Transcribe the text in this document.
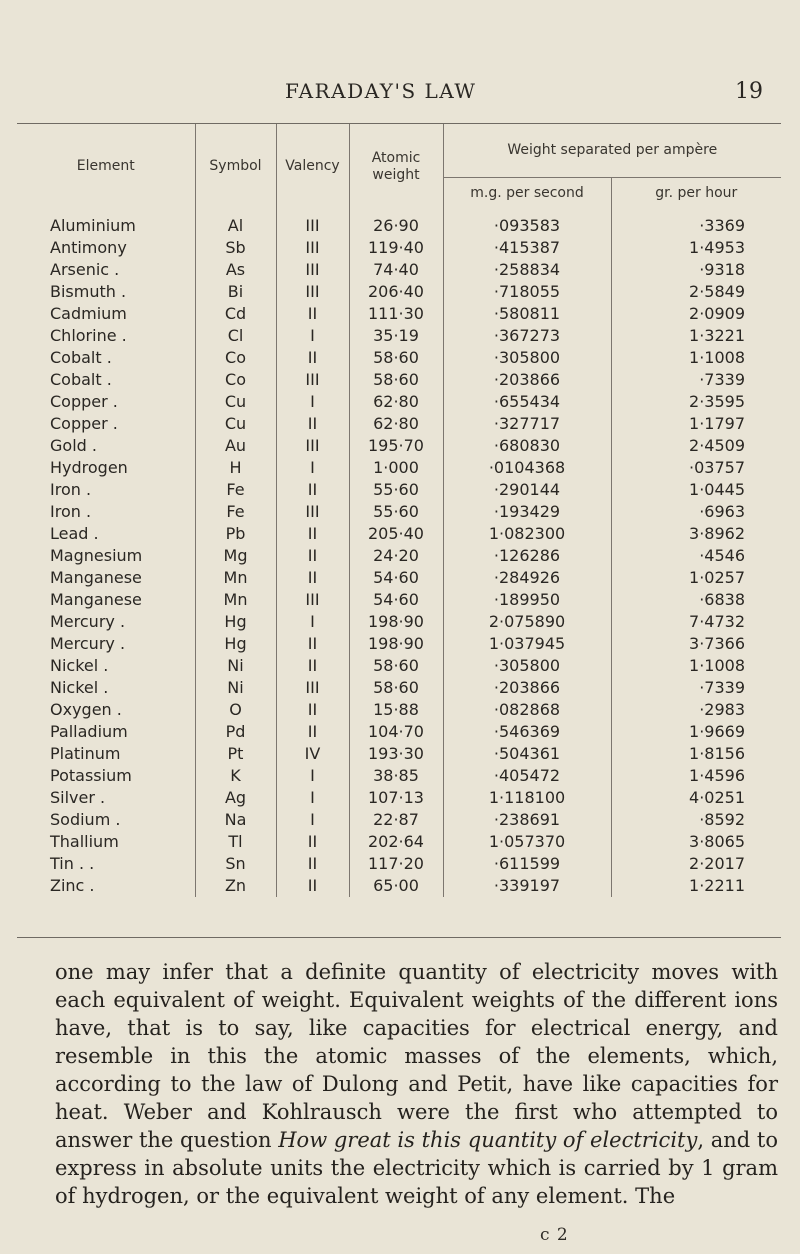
FARADAY'S LAW	19
Element	Symbol	Valency	Atomic weight	Weight separated per ampère	
				m.g. per second	gr. per hour
Aluminium	Al	III	26·90	·093583	·3369
Antimony	Sb	III	119·40	·415387	1·4953
Arsenic .	As	III	74·40	·258834	·9318
Bismuth .	Bi	III	206·40	·718055	2·5849
Cadmium	Cd	II	111·30	·580811	2·0909
Chlorine .	Cl	I	35·19	·367273	1·3221
Cobalt .	Co	II	58·60	·305800	1·1008
Cobalt .	Co	III	58·60	·203866	·7339
Copper .	Cu	I	62·80	·655434	2·3595
Copper .	Cu	II	62·80	·327717	1·1797
Gold .	Au	III	195·70	·680830	2·4509
Hydrogen	H	I	1·000	·0104368	·03757
Iron .	Fe	II	55·60	·290144	1·0445
Iron .	Fe	III	55·60	·193429	·6963
Lead .	Pb	II	205·40	1·082300	3·8962
Magnesium	Mg	II	24·20	·126286	·4546
Manganese	Mn	II	54·60	·284926	1·0257
Manganese	Mn	III	54·60	·189950	·6838
Mercury .	Hg	I	198·90	2·075890	7·4732
Mercury .	Hg	II	198·90	1·037945	3·7366
Nickel .	Ni	II	58·60	·305800	1·1008
Nickel .	Ni	III	58·60	·203866	·7339
Oxygen .	O	II	15·88	·082868	·2983
Palladium	Pd	II	104·70	·546369	1·9669
Platinum	Pt	IV	193·30	·504361	1·8156
Potassium	K	I	38·85	·405472	1·4596
Silver .	Ag	I	107·13	1·118100	4·0251
Sodium .	Na	I	22·87	·238691	·8592
Thallium	Tl	II	202·64	1·057370	3·8065
Tin . .	Sn	II	117·20	·611599	2·2017
Zinc .	Zn	II	65·00	·339197	1·2211

one may infer that a definite quantity of electricity moves with each equivalent of weight. Equivalent weights of the different ions have, that is to say, like capacities for electrical energy, and resemble in this the atomic masses of the elements, which, according to the law of Dulong and Petit, have like capacities for heat. Weber and Kohlrausch were the first who attempted to answer the question How great is this quantity of electricity, and to express in absolute units the electricity which is carried by 1 gram of hydrogen, or the equivalent weight of any element. The

c 2
